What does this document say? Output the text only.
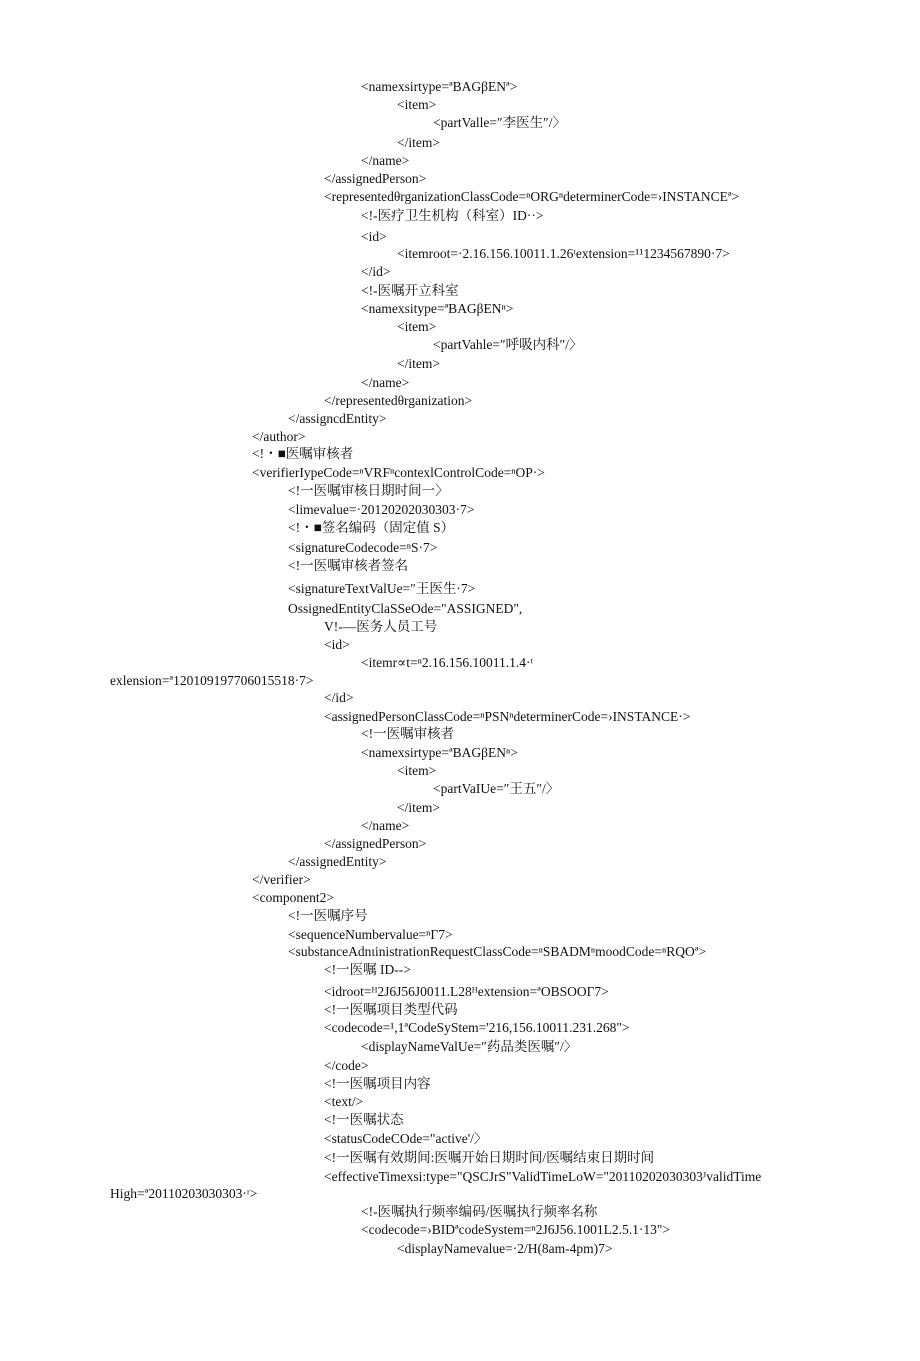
<namexsirtype=ªBAGβENª>
<item>
<partValle=″李医生″/〉
</item>
</name>
</assignedPerson>
<representedθrganizationClassCode=ⁿORGⁿdeterminerCode=›INSTANCEª>
<!-医疗卫生机构（科室）ID··>
<id>
<itemroot=·2.16.156.10011.1.26ᵗextension=¹¹1234567890·7>
</id>
<!-医嘱开立科室
<namexsitype=ªBAGβENⁿ>
<item>
<partVahle=″呼吸内科″/〉
</item>
</name>
</representedθrganization>
</assigncdEntity>
</author>
<!・■医嘱审核者
<verifierIypeCode=ⁿVRFⁿcontexlControlCode=ⁿOP·>
<!一医嘱审核日期时间一〉
<limevalue=·20120202030303·7>
<!・■签名编码（固定值 S）
<signatureCodecode=ⁿS·7>
<!一医嘱审核者签名
<signatureTextValUe=″王医生·7>
OssignedEntityClaSSeOde="ASSIGNED",
V!-—医务人员工号
<id>
<itemr∝t=ⁿ2.16.156.10011.1.4·ᵗ
exlension=ª120109197706015518·7>
</id>
<assignedPersonClassCode=ⁿPSNⁿdeterminerCode=›INSTANCE·>
<!一医嘱审核者
<namexsirtype=ªBAGβENⁿ>
<item>
<partVaIUe=″王五″/〉
</item>
</name>
</assignedPerson>
</assignedEntity>
</verifier>
<component2>
<!一医嘱序号
<sequenceNumbervalue=ⁿΓ7>
<substanceAdnιinistrationRequestClassCode=ⁿSBADMⁿmoodCode=ⁿRQOª>
<!一医嘱 ID-->
<idroot=ᴴ2J6J56J0011.L28ᴴextension=ªOBSOOΓ7>
<!一医嘱项目类型代码
<codecode=¹,1ªCodeSyStem='216,156.10011.231.268">
<displayNameValUe=″药品类医嘱″/〉
</code>
<!一医嘱项目内容
<text/>
<!一医嘱状态
<statusCodeCOde="active'/〉
<!一医嘱有效期间:医嘱开始日期时间/医嘱结束日期时间
<effectiveTimexsi:type="QSCJrS"ValidTimeLoW="20110202030303ᴶvalidTime
High=ª20110203030303·ʳ>
<!-医嘱执行频率编码/医嘱执行频率名称
<codecode=›BIDªcodeSystem=ⁿ2J6J56.1001L2.5.1·13">
<displayNamevalue=·2/H(8am-4pm)7>
